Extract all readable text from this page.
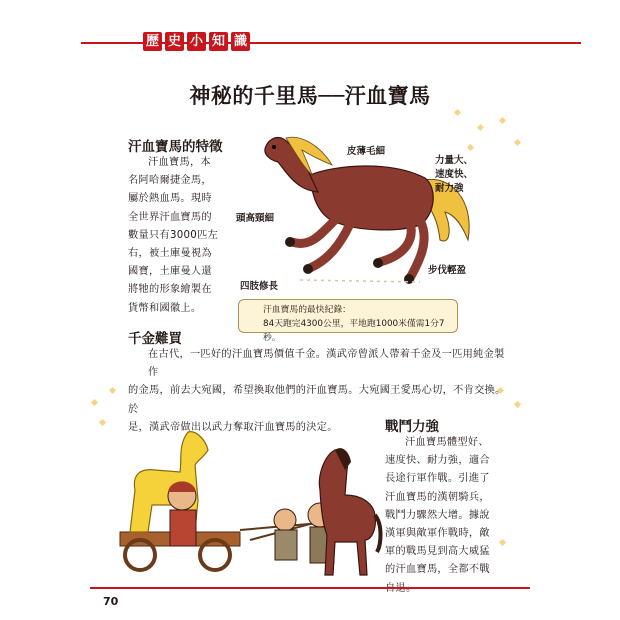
歷 史 小 知 識
神秘的千里馬──汗血寶馬
汗血寶馬的特徵
汗血寶馬，本
名阿哈爾捷金馬，
屬於熱血馬。現時
全世界汗血寶馬的
數量只有3000匹左
右，被土庫曼視為
國寶，土庫曼人還
將牠的形象繪製在
貨幣和國徽上。
皮薄毛細
力量大、
速度快、
耐力強
頭高頸細
四肢修長
步伐輕盈
汗血寶馬的最快紀錄：
84天跑完4300公里，平地跑1000米僅需1分7秒。
千金難買
在古代，一匹好的汗血寶馬價值千金。漢武帝曾派人帶着千金及一匹用純金製作
的金馬，前去大宛國，希望換取他們的汗血寶馬。大宛國王愛馬心切，不肯交換。於
是，漢武帝做出以武力奪取汗血寶馬的決定。	戰鬥力強
汗血寶馬體型好、
速度快、耐力強，適合
長途行軍作戰。引進了
汗血寶馬的漢朝騎兵，
戰鬥力驟然大增。據說
漢軍與敵軍作戰時，敵
軍的戰馬見到高大威猛
的汗血寶馬，全都不戰
70
